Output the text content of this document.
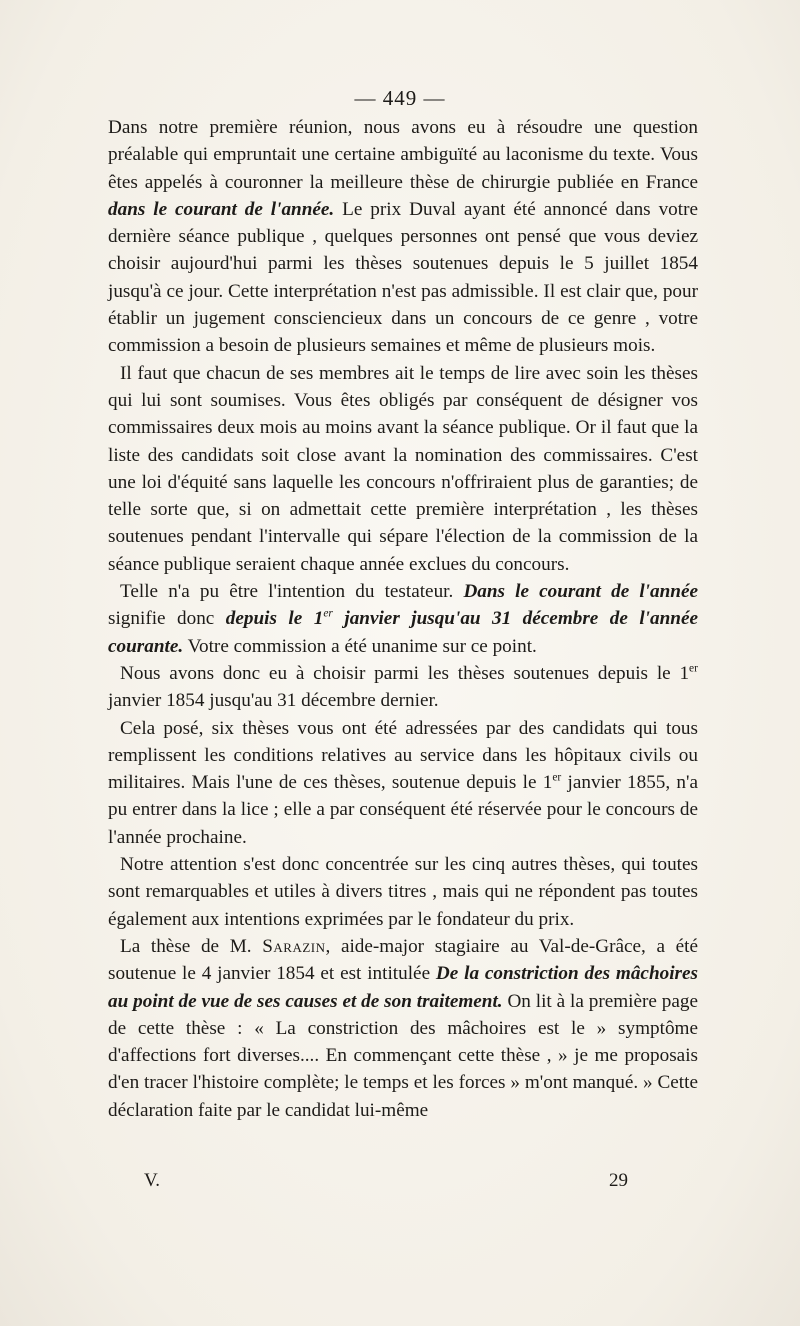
— 449 —

Dans notre première réunion, nous avons eu à résoudre une question préalable qui empruntait une certaine ambiguïté au laconisme du texte. Vous êtes appelés à couronner la meilleure thèse de chirurgie publiée en France dans le courant de l'année. Le prix Duval ayant été annoncé dans votre dernière séance publique , quelques personnes ont pensé que vous deviez choisir aujourd'hui parmi les thèses soutenues depuis le 5 juillet 1854 jusqu'à ce jour. Cette interprétation n'est pas admissible. Il est clair que, pour établir un jugement consciencieux dans un concours de ce genre , votre commission a besoin de plusieurs semaines et même de plusieurs mois.

Il faut que chacun de ses membres ait le temps de lire avec soin les thèses qui lui sont soumises. Vous êtes obligés par conséquent de désigner vos commissaires deux mois au moins avant la séance publique. Or il faut que la liste des candidats soit close avant la nomination des commissaires. C'est une loi d'équité sans laquelle les concours n'offriraient plus de garanties; de telle sorte que, si on admettait cette première interprétation , les thèses soutenues pendant l'intervalle qui sépare l'élection de la commission de la séance publique seraient chaque année exclues du concours.

Telle n'a pu être l'intention du testateur. Dans le courant de l'année signifie donc depuis le 1er janvier jusqu'au 31 décembre de l'année courante. Votre commission a été unanime sur ce point.

Nous avons donc eu à choisir parmi les thèses soutenues depuis le 1er janvier 1854 jusqu'au 31 décembre dernier.

Cela posé, six thèses vous ont été adressées par des candidats qui tous remplissent les conditions relatives au service dans les hôpitaux civils ou militaires. Mais l'une de ces thèses, soutenue depuis le 1er janvier 1855, n'a pu entrer dans la lice ; elle a par conséquent été réservée pour le concours de l'année prochaine.

Notre attention s'est donc concentrée sur les cinq autres thèses, qui toutes sont remarquables et utiles à divers titres , mais qui ne répondent pas toutes également aux intentions exprimées par le fondateur du prix.

La thèse de M. Sarazin, aide-major stagiaire au Val-de-Grâce, a été soutenue le 4 janvier 1854 et est intitulée De la constriction des mâchoires au point de vue de ses causes et de son traitement. On lit à la première page de cette thèse : « La constriction des mâchoires est le » symptôme d'affections fort diverses.... En commençant cette thèse , » je me proposais d'en tracer l'histoire complète; le temps et les forces » m'ont manqué. » Cette déclaration faite par le candidat lui-même

V.	29
